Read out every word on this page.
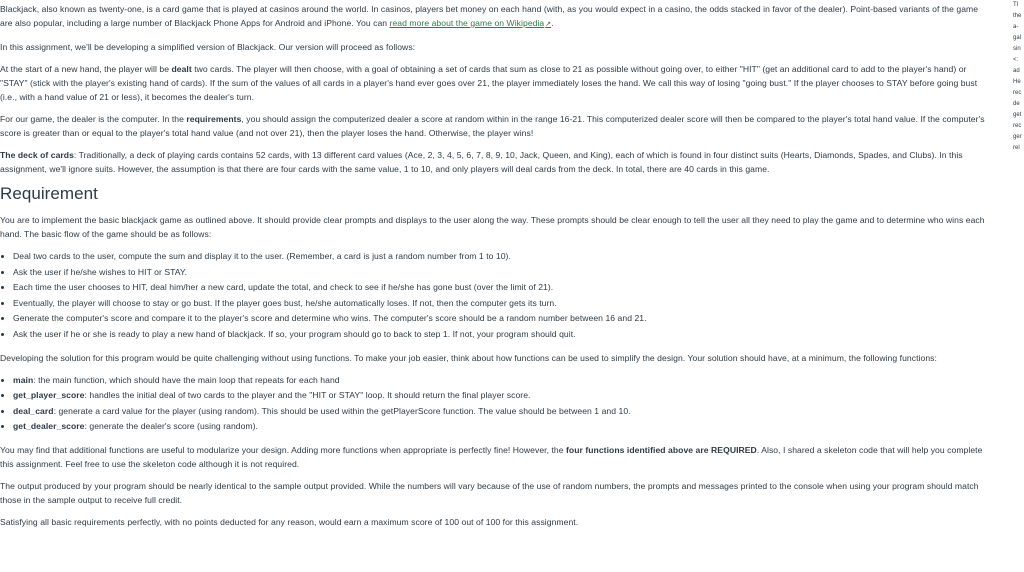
Blackjack, also known as twenty-one, is a card game that is played at casinos around the world. In casinos, players bet money on each hand (with, as you would expect in a casino, the odds stacked in favor of the dealer). Point-based variants of the game are also popular, including a large number of Blackjack Phone Apps for Android and iPhone. You can read more about the game on Wikipedia↗.

In this assignment, we'll be developing a simplified version of Blackjack. Our version will proceed as follows:

At the start of a new hand, the player will be dealt two cards. The player will then choose, with a goal of obtaining a set of cards that sum as close to 21 as possible without going over, to either "HIT" (get an additional card to add to the player's hand) or "STAY" (stick with the player's existing hand of cards). If the sum of the values of all cards in a player's hand ever goes over 21, the player immediately loses the hand. We call this way of losing "going bust." If the player chooses to STAY before going bust (i.e., with a hand value of 21 or less), it becomes the dealer's turn.

For our game, the dealer is the computer. In the requirements, you should assign the computerized dealer a score at random within in the range 16-21. This computerized dealer score will then be compared to the player's total hand value. If the computer's score is greater than or equal to the player's total hand value (and not over 21), then the player loses the hand. Otherwise, the player wins!

The deck of cards: Traditionally, a deck of playing cards contains 52 cards, with 13 different card values (Ace, 2, 3, 4, 5, 6, 7, 8, 9, 10, Jack, Queen, and King), each of which is found in four distinct suits (Hearts, Diamonds, Spades, and Clubs). In this assignment, we'll ignore suits. However, the assumption is that there are four cards with the same value, 1 to 10, and only players will deal cards from the deck. In total, there are 40 cards in this game.

Requirement

You are to implement the basic blackjack game as outlined above. It should provide clear prompts and displays to the user along the way. These prompts should be clear enough to tell the user all they need to play the game and to determine who wins each hand. The basic flow of the game should be as follows:

• Deal two cards to the user, compute the sum and display it to the user. (Remember, a card is just a random number from 1 to 10).
• Ask the user if he/she wishes to HIT or STAY.
• Each time the user chooses to HIT, deal him/her a new card, update the total, and check to see if he/she has gone bust (over the limit of 21).
• Eventually, the player will choose to stay or go bust. If the player goes bust, he/she automatically loses. If not, then the computer gets its turn.
• Generate the computer's score and compare it to the player's score and determine who wins. The computer's score should be a random number between 16 and 21.
• Ask the user if he or she is ready to play a new hand of blackjack. If so, your program should go to back to step 1. If not, your program should quit.

Developing the solution for this program would be quite challenging without using functions. To make your job easier, think about how functions can be used to simplify the design. Your solution should have, at a minimum, the following functions:

• main: the main function, which should have the main loop that repeats for each hand
• get_player_score: handles the initial deal of two cards to the player and the "HIT or STAY" loop. It should return the final player score.
• deal_card: generate a card value for the player (using random). This should be used within the getPlayerScore function. The value should be between 1 and 10.
• get_dealer_score: generate the dealer's score (using random).

You may find that additional functions are useful to modularize your design. Adding more functions when appropriate is perfectly fine! However, the four functions identified above are REQUIRED. Also, I shared a skeleton code that will help you complete this assignment. Feel free to use the skeleton code although it is not required.

The output produced by your program should be nearly identical to the sample output provided. While the numbers will vary because of the use of random numbers, the prompts and messages printed to the console when using your program should match those in the sample output to receive full credit.

Satisfying all basic requirements perfectly, with no points deducted for any reason, would earn a maximum score of 100 out of 100 for this assignment.

Tl
the
a-
gal
sin
<:
ad
He
rec
de
get
rec
ger
rel
